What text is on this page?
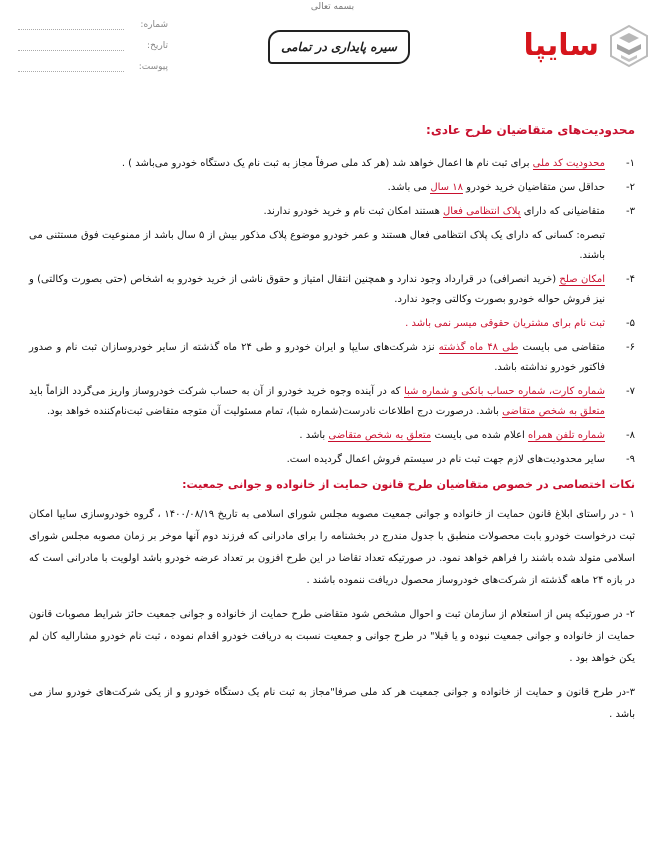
بسمه تعالی
سایپا
سیره پایداری در تمامی
شماره:
تاریخ:
پیوست:
محدودیت‌های متقاضیان طرح عادی:
۱-
محدودیت کد ملی برای ثبت نام ها اعمال خواهد شد (هر کد ملی صرفاً مجاز به ثبت نام یک دستگاه خودرو می‌باشد ) .
۲-
حداقل سن متقاضیان خرید خودرو ۱۸ سال می باشد.
۳-
متقاضیانی که دارای پلاک انتظامی فعال هستند امکان ثبت نام و خرید خودرو ندارند.
تبصره: کسانی که دارای یک پلاک انتظامی فعال هستند و عمر خودرو موضوع پلاک مذکور بیش از ۵ سال باشد از ممنوعیت فوق مستثنی می باشند.
۴-
امکان صلح (خرید انصرافی) در قرارداد وجود ندارد و همچنین انتقال امتیاز و حقوق ناشی از خرید خودرو به اشخاص (حتی بصورت وکالتی) و نیز فروش حواله خودرو بصورت وکالتی وجود ندارد.
۵-
ثبت نام برای مشتریان حقوقی میسر نمی باشد .
۶-
متقاضی می بایست طی ۴۸ ماه گذشته نزد شرکت‌های سایپا و ایران خودرو و طی ۲۴ ماه گذشته از سایر خودروسازان ثبت نام و صدور فاکتور خودرو نداشته باشد.
۷-
شماره کارت، شماره حساب بانکی و شماره شبا که در آینده وجوه خرید خودرو از آن به حساب شرکت خودروساز واریز می‌گردد الزاماً باید متعلق به شخص متقاضی باشد. درصورت درج اطلاعات نادرست(شماره شبا)، تمام مسئولیت آن متوجه متقاضی ثبت‌نام‌کننده خواهد بود.
۸-
شماره تلفن همراه اعلام شده می بایست متعلق به شخص متقاضی باشد .
۹-
سایر محدودیت‌های لازم جهت ثبت نام در سیستم فروش اعمال گردیده است.
نکات اختصاصی در خصوص متقاضیان طرح قانون حمایت از خانواده و جوانی جمعیت:
۱ - در راستای ابلاغ قانون حمایت از خانواده و جوانی جمعیت مصوبه مجلس شورای اسلامی به تاریخ ۱۴۰۰/۰۸/۱۹ ، گروه خودروسازی سایپا امکان ثبت درخواست خودرو بابت محصولات منطبق با جدول مندرج در بخشنامه را برای مادرانی که فرزند دوم آنها موخر بر زمان مصوبه مجلس شورای اسلامی متولد شده باشند را فراهم خواهد نمود. در صورتیکه تعداد تقاضا در این طرح افزون بر تعداد عرضه خودرو باشد اولویت با مادرانی است که در بازه ۲۴ ماهه گذشته از شرکت‌های خودروساز محصول دریافت ننموده باشند .
۲- در صورتیکه پس از استعلام از سازمان ثبت و احوال مشخص شود متقاضی طرح حمایت از خانواده و جوانی جمعیت حائز شرایط مصوبات قانون حمایت از خانواده و جوانی جمعیت نبوده و یا قبلا" در طرح جوانی و جمعیت نسبت به دریافت خودرو اقدام نموده ، ثبت نام خودرو مشارالیه کان لم یکن خواهد بود .
۳-در طرح قانون و حمایت از خانواده و جوانی جمعیت هر کد ملی صرفا"مجاز به ثبت نام یک دستگاه خودرو و از یکی شرکت‌های خودرو ساز می باشد .
